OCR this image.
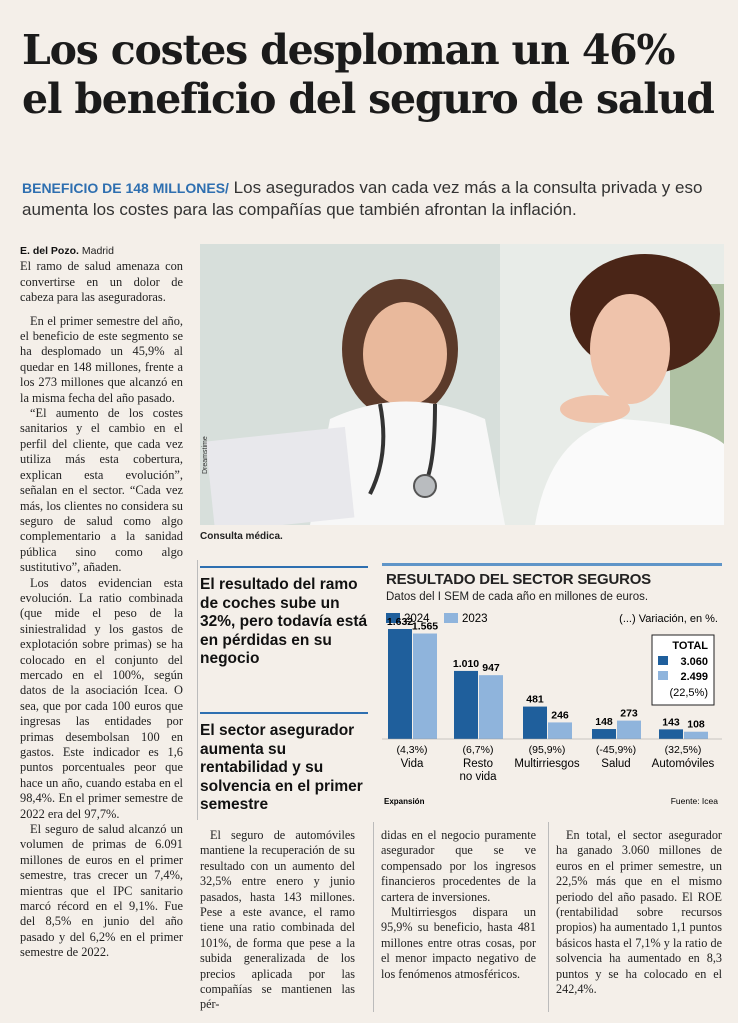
Los costes desploman un 46% el beneficio del seguro de salud
BENEFICIO DE 148 MILLONES/ Los asegurados van cada vez más a la consulta privada y eso aumenta los costes para las compañías que también afrontan la inflación.
E. del Pozo. Madrid

El ramo de salud amenaza con convertirse en un dolor de cabeza para las aseguradoras.

En el primer semestre del año, el beneficio de este segmento se ha desplomado un 45,9% al quedar en 148 millones, frente a los 273 millones que alcanzó en la misma fecha del año pasado.

“El aumento de los costes sanitarios y el cambio en el perfil del cliente, que cada vez utiliza más esta cobertura, explican esta evolución”, señalan en el sector. “Cada vez más, los clientes no considera su seguro de salud como algo complementario a la sanidad pública sino como algo sustitutivo”, añaden.

Los datos evidencian esta evolución. La ratio combinada (que mide el peso de la siniestralidad y los gastos de explotación sobre primas) se ha colocado en el conjunto del mercado en el 100%, según datos de la asociación Icea. O sea, que por cada 100 euros que ingresas las entidades por primas desembolsan 100 en gastos. Este indicador es 1,6 puntos porcentuales peor que hace un año, cuando estaba en el 98,4%. En el primer semestre de 2022 era del 97,7%.

El seguro de salud alcanzó un volumen de primas de 6.091 millones de euros en el primer semestre, tras crecer un 7,4%, mientras que el IPC sanitario marcó récord en el 9,1%. Fue del 8,5% en junio del año pasado y del 6,2% en el primer semestre de 2022.

Dreamstime
Consulta médica.
El resultado del ramo de coches sube un 32%, pero todavía está en pérdidas en su negocio
El sector asegurador aumenta su rentabilidad y su solvencia en el primer semestre
RESULTADO DEL SECTOR SEGUROS
Datos del I SEM de cada año en millones de euros.
2024	2023	(...) Variación, en %.
1.632
1.565
(4,3%)
Vida
1.010 947
(6,7%)
Resto
no vida
481
246
(95,9%)
Multirriesgos
148
273
(-45,9%)
Salud
143 108
(32,5%)
Automóviles
TOTAL
3.060
2.499
(22,5%)
Expansión	Fuente: Icea

El seguro de automóviles mantiene la recuperación de su resultado con un aumento del 32,5% entre enero y junio pasados, hasta 143 millones. Pese a este avance, el ramo tiene una ratio combinada del 101%, de forma que pese a la subida generalizada de los precios aplicada por las compañías se mantienen las pér-

didas en el negocio puramente asegurador que se ve compensado por los ingresos financieros procedentes de la cartera de inversiones.

Multirriesgos dispara un 95,9% su beneficio, hasta 481 millones entre otras cosas, por el menor impacto negativo de los fenómenos atmosféricos.

En total, el sector asegurador ha ganado 3.060 millones de euros en el primer semestre, un 22,5% más que en el mismo periodo del año pasado. El ROE (rentabilidad sobre recursos propios) ha aumentado 1,1 puntos básicos hasta el 7,1% y la ratio de solvencia ha aumentado en 8,3 puntos y se ha colocado en el 242,4%.
